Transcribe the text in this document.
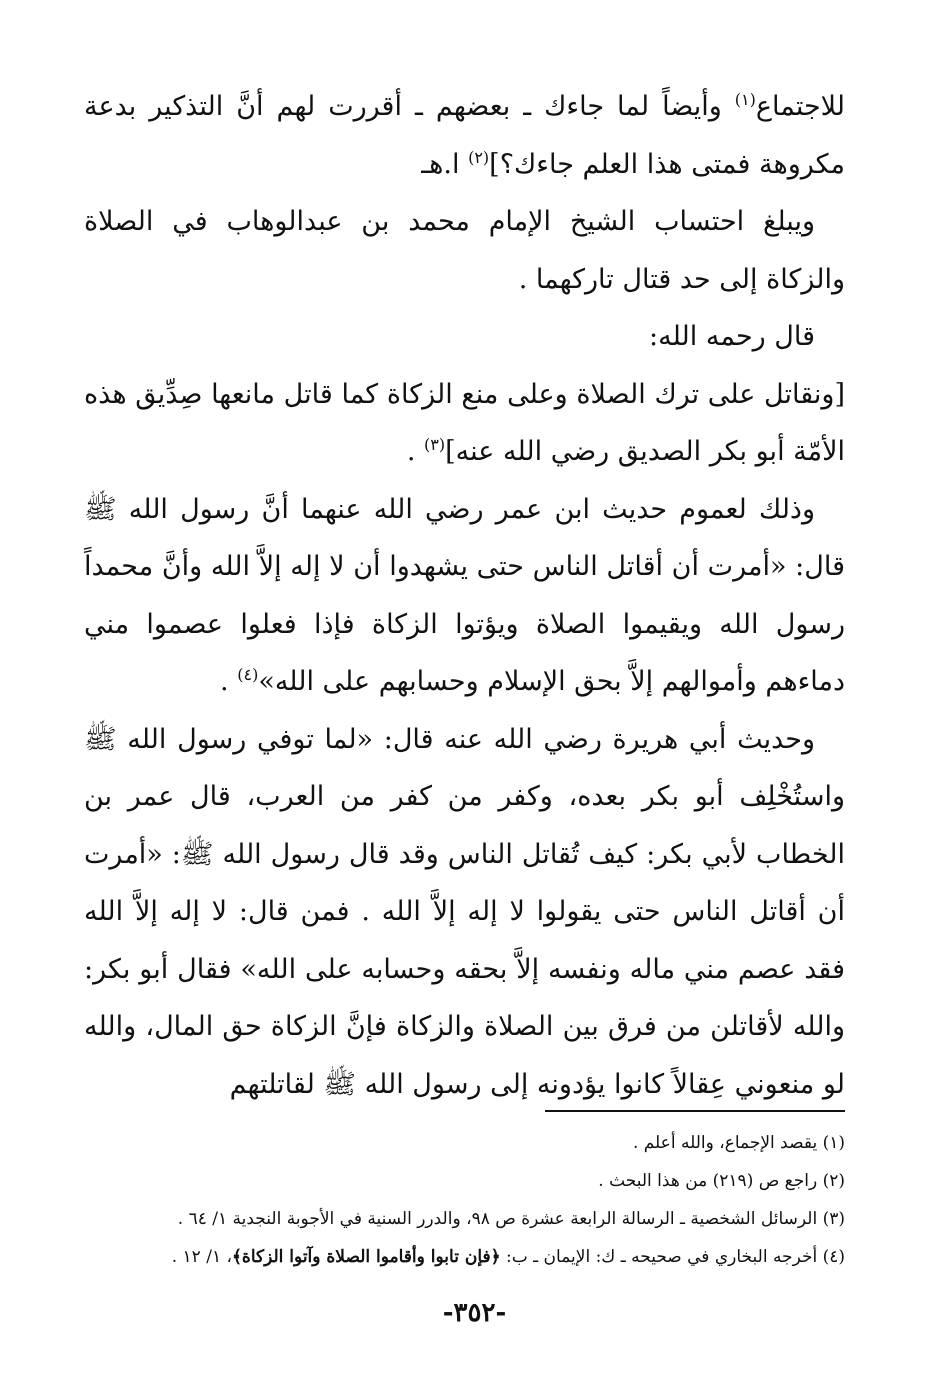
للاجتماع$^{(١)}$ وأيضاً لما جاءك ـ بعضهم ـ أقررت لهم أنَّ التذكير بدعة مكروهة فمتى هذا العلم جاءك؟]$^{(٢)}$ ا.هـ

ويبلغ احتساب الشيخ الإمام محمد بن عبدالوهاب في الصلاة والزكاة إلى حد قتال تاركهما .

قال رحمه الله:

[ونقاتل على ترك الصلاة وعلى منع الزكاة كما قاتل مانعها صِدِّيق هذه الأمّة أبو بكر الصديق رضي الله عنه]$^{(٣)}$ .

وذلك لعموم حديث ابن عمر رضي الله عنهما أنَّ رسول الله ﷺ قال: «أمرت أن أقاتل الناس حتى يشهدوا أن لا إله إلاَّ الله وأنَّ محمداً رسول الله ويقيموا الصلاة ويؤتوا الزكاة فإذا فعلوا عصموا مني دماءهم وأموالهم إلاَّ بحق الإسلام وحسابهم على الله»$^{(٤)}$ .

وحديث أبي هريرة رضي الله عنه قال: «لما توفي رسول الله ﷺ واستُخْلِف أبو بكر بعده، وكفر من كفر من العرب، قال عمر بن الخطاب لأبي بكر: كيف تُقاتل الناس وقد قال رسول الله ﷺ: «أمرت أن أقاتل الناس حتى يقولوا لا إله إلاَّ الله . فمن قال: لا إله إلاَّ الله فقد عصم مني ماله ونفسه إلاَّ بحقه وحسابه على الله» فقال أبو بكر: والله لأقاتلن من فرق بين الصلاة والزكاة فإنَّ الزكاة حق المال، والله لو منعوني عِقالاً كانوا يؤدونه إلى رسول الله ﷺ لقاتلتهم

(١) يقصد الإجماع، والله أعلم .

(٢) راجع ص (٢١٩) من هذا البحث .

(٣) الرسائل الشخصية ـ الرسالة الرابعة عشرة ص ٩٨، والدرر السنية في الأجوبة النجدية ١/ ٦٤ .

(٤) أخرجه البخاري في صحيحه ـ ك: الإيمان ـ ب: ﴿فإن تابوا وأقاموا الصلاة وآتوا الزكاة﴾، ١/ ١٢ .

-٣٥٢-
